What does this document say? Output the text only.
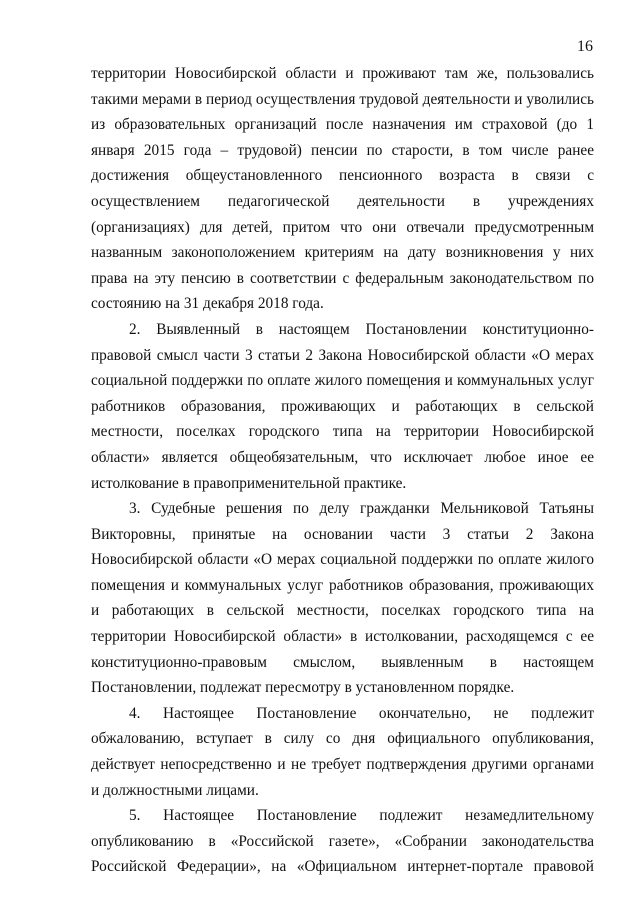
16

территории Новосибирской области и проживают там же, пользовались такими мерами в период осуществления трудовой деятельности и уволились из образовательных организаций после назначения им страховой (до 1 января 2015 года – трудовой) пенсии по старости, в том числе ранее достижения общеустановленного пенсионного возраста в связи с осуществлением педагогической деятельности в учреждениях (организациях) для детей, притом что они отвечали предусмотренным названным законоположением критериям на дату возникновения у них права на эту пенсию в соответствии с федеральным законодательством по состоянию на 31 декабря 2018 года.

2. Выявленный в настоящем Постановлении конституционно-правовой смысл части 3 статьи 2 Закона Новосибирской области «О мерах социальной поддержки по оплате жилого помещения и коммунальных услуг работников образования, проживающих и работающих в сельской местности, поселках городского типа на территории Новосибирской области» является общеобязательным, что исключает любое иное ее истолкование в правоприменительной практике.

3. Судебные решения по делу гражданки Мельниковой Татьяны Викторовны, принятые на основании части 3 статьи 2 Закона Новосибирской области «О мерах социальной поддержки по оплате жилого помещения и коммунальных услуг работников образования, проживающих и работающих в сельской местности, поселках городского типа на территории Новосибирской области» в истолковании, расходящемся с ее конституционно-правовым смыслом, выявленным в настоящем Постановлении, подлежат пересмотру в установленном порядке.

4. Настоящее Постановление окончательно, не подлежит обжалованию, вступает в силу со дня официального опубликования, действует непосредственно и не требует подтверждения другими органами и должностными лицами.

5. Настоящее Постановление подлежит незамедлительному опубликованию в «Российской газете», «Собрании законодательства Российской Федерации», на «Официальном интернет-портале правовой
